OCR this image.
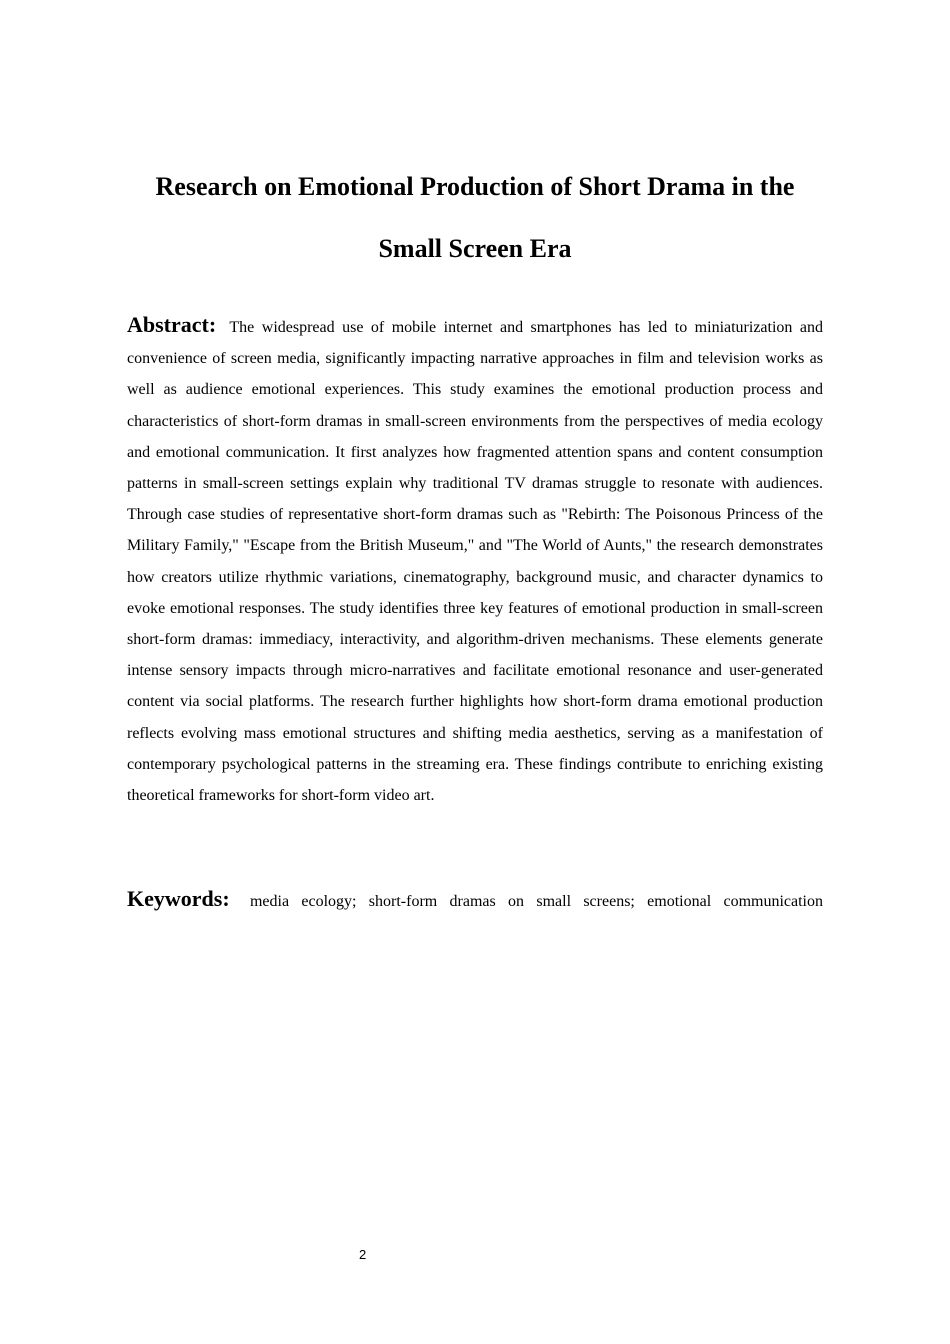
Research on Emotional Production of Short Drama in the Small Screen Era

Abstract: The widespread use of mobile internet and smartphones has led to miniaturization and convenience of screen media, significantly impacting narrative approaches in film and television works as well as audience emotional experiences. This study examines the emotional production process and characteristics of short-form dramas in small-screen environments from the perspectives of media ecology and emotional communication. It first analyzes how fragmented attention spans and content consumption patterns in small-screen settings explain why traditional TV dramas struggle to resonate with audiences. Through case studies of representative short-form dramas such as "Rebirth: The Poisonous Princess of the Military Family," "Escape from the British Museum," and "The World of Aunts," the research demonstrates how creators utilize rhythmic variations, cinematography, background music, and character dynamics to evoke emotional responses. The study identifies three key features of emotional production in small-screen short-form dramas: immediacy, interactivity, and algorithm-driven mechanisms. These elements generate intense sensory impacts through micro-narratives and facilitate emotional resonance and user-generated content via social platforms. The research further highlights how short-form drama emotional production reflects evolving mass emotional structures and shifting media aesthetics, serving as a manifestation of contemporary psychological patterns in the streaming era. These findings contribute to enriching existing theoretical frameworks for short-form video art.

Keywords: media ecology; short-form dramas on small screens; emotional communication

2
